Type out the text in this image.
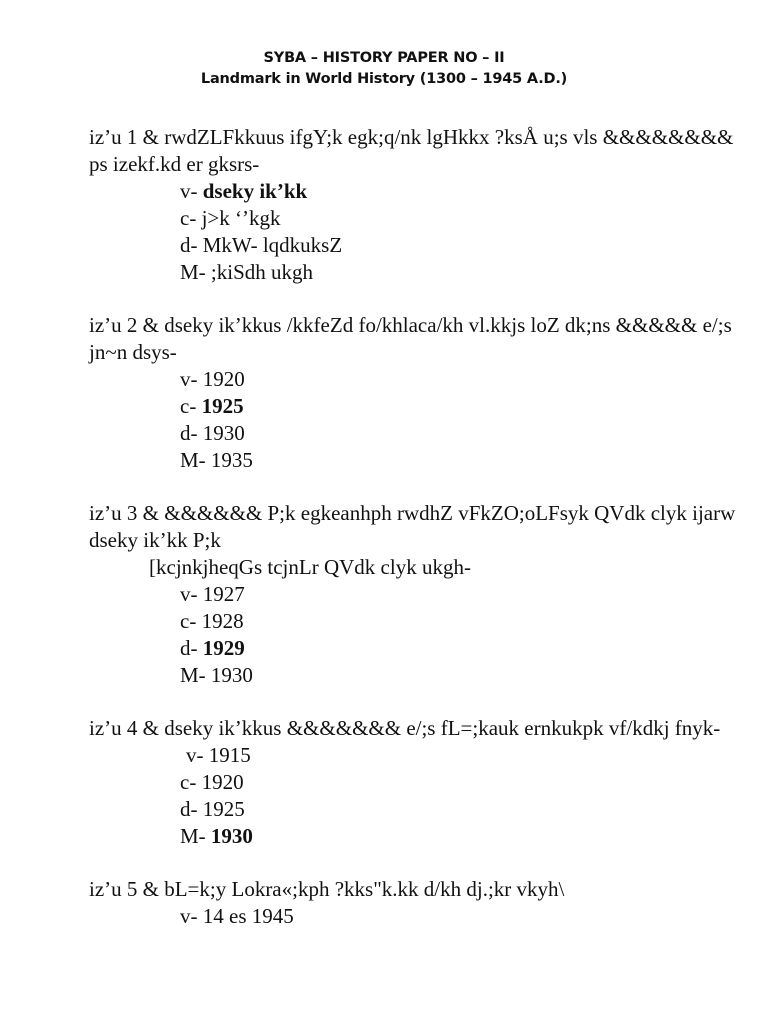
SYBA – HISTORY PAPER NO – II
Landmark in World History (1300 – 1945 A.D.)

iz’u 1 & rwdZLFkkuus ifgY;k egk;q/nk lgHkkx ?ksÅ u;s vls &&&&&&&& ps izekf.kd er gksrs-

v- dseky ik’kk

c- j>k ‘’kgk

d- MkW- lqdkuksZ

M- ;kiSdh ukgh

iz’u 2 & dseky ik’kkus /kkfeZd fo/khlaca/kh vl.kkjs loZ dk;ns &&&&& e/;s jn~n dsys-

v- 1920

c- 1925

d- 1930

M- 1935

iz’u 3 & &&&&&& P;k egkeanhph rwdhZ vFkZO;oLFsyk QVdk clyk ijarw dseky ik’kk P;k

[kcjnkjheqGs tcjnLr QVdk clyk ukgh-

v- 1927

c- 1928

d- 1929

M- 1930

iz’u 4 & dseky ik’kkus &&&&&&& e/;s fL=;kauk ernkukpk vf/kdkj fnyk-

v- 1915

c- 1920

d- 1925

M- 1930

iz’u 5 & bL=k;y Lokra«;kph ?kks"k.kk d/kh dj.;kr vkyh\

v- 14 es 1945
